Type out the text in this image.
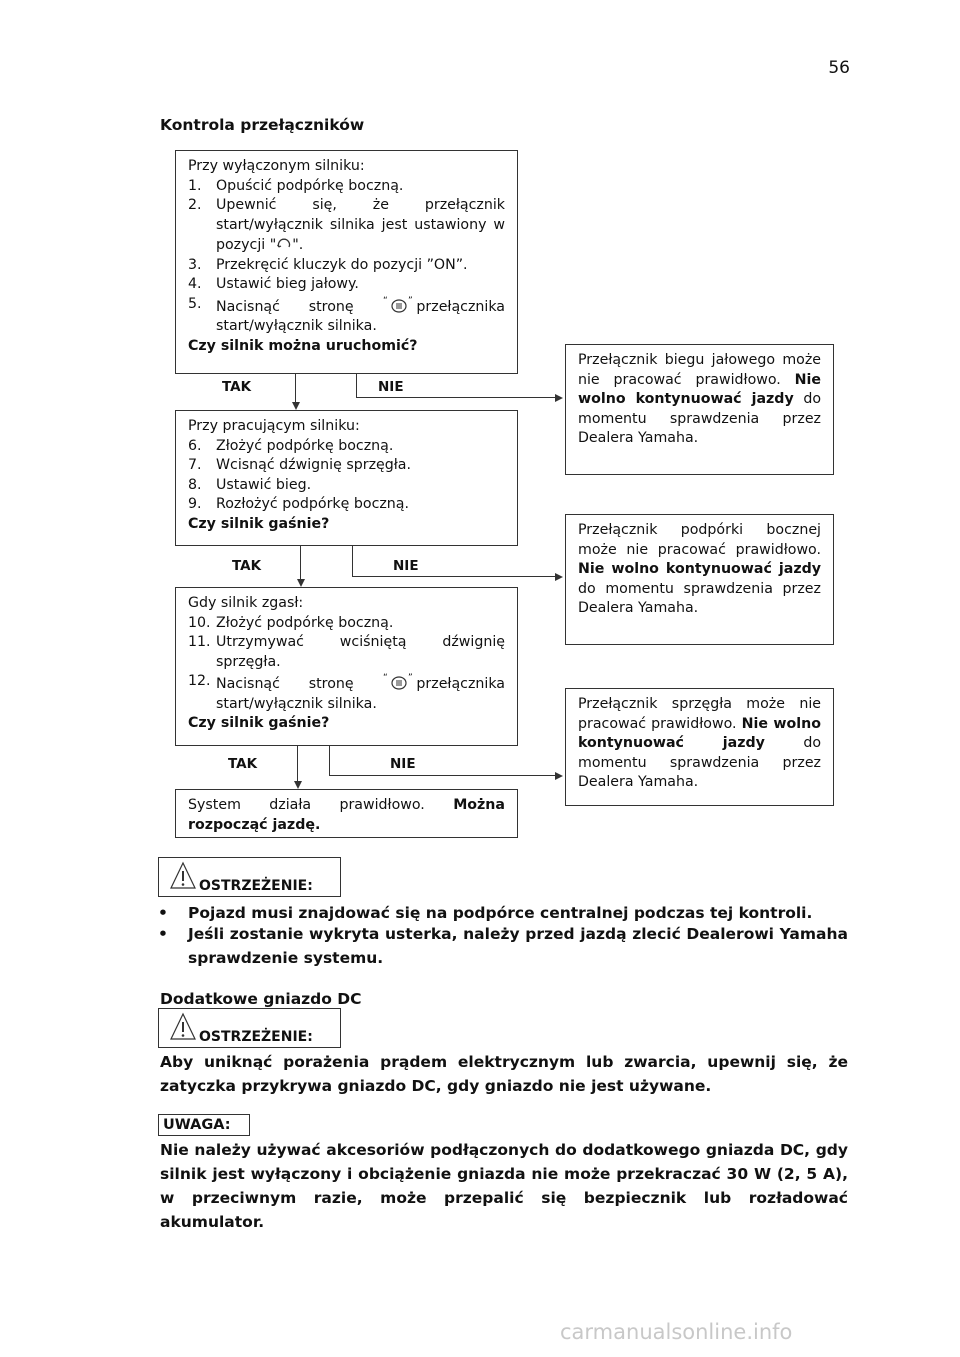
56
Kontrola przełączników
Przy wyłączonym silniku:
1.	Opuścić podpórkę boczną.
2.	Upewnić się, że przełącznik start/wyłącznik silnika jest ustawiony w pozycji " ".
3.	Przekręcić kluczyk do pozycji ”ON”.
4.	Ustawić bieg jałowy.
5.	Nacisnąć stronę	“ ” przełącznika start/wyłącznik silnika.
Czy silnik można uruchomić?
TAK	NIE
Przy pracującym silniku:
6.	Złożyć podpórkę boczną.
7.	Wcisnąć dźwignię sprzęgła.
8.	Ustawić bieg.
9.	Rozłożyć podpórkę boczną.
Czy silnik gaśnie?
TAK	NIE
Gdy silnik zgasł:
10. Złożyć podpórkę boczną.
11. Utrzymywać wciśniętą dźwignię sprzęgła.
12. Nacisnąć stronę	“ ” przełącznika start/wyłącznik silnika.
Czy silnik gaśnie?
TAK	NIE
System działa prawidłowo. Można rozpocząć jazdę.
Przełącznik biegu jałowego może nie pracować prawidłowo. Nie wolno kontynuować jazdy do momentu sprawdzenia przez Dealera Yamaha.
Przełącznik podpórki bocznej może nie pracować prawidłowo. Nie wolno kontynuować jazdy do momentu sprawdzenia przez Dealera Yamaha.
Przełącznik sprzęgła może nie pracować prawidłowo. Nie wolno kontynuować jazdy	do momentu sprawdzenia przez Dealera Yamaha.
OSTRZEŻENIE:
•	Pojazd musi znajdować się na podpórce centralnej podczas tej kontroli.
•	Jeśli zostanie wykryta usterka, należy przed jazdą zlecić Dealerowi Yamaha sprawdzenie systemu.
Dodatkowe gniazdo DC
OSTRZEŻENIE:
Aby uniknąć porażenia prądem elektrycznym lub zwarcia, upewnij się, że zatyczka przykrywa gniazdo DC, gdy gniazdo nie jest używane.
UWAGA:
Nie należy używać akcesoriów podłączonych do dodatkowego gniazda DC, gdy silnik jest wyłączony i obciążenie gniazda nie może przekraczać 30 W (2, 5 A), w przeciwnym razie, może przepalić się bezpiecznik lub rozładować akumulator.
carmanualsonline.info
